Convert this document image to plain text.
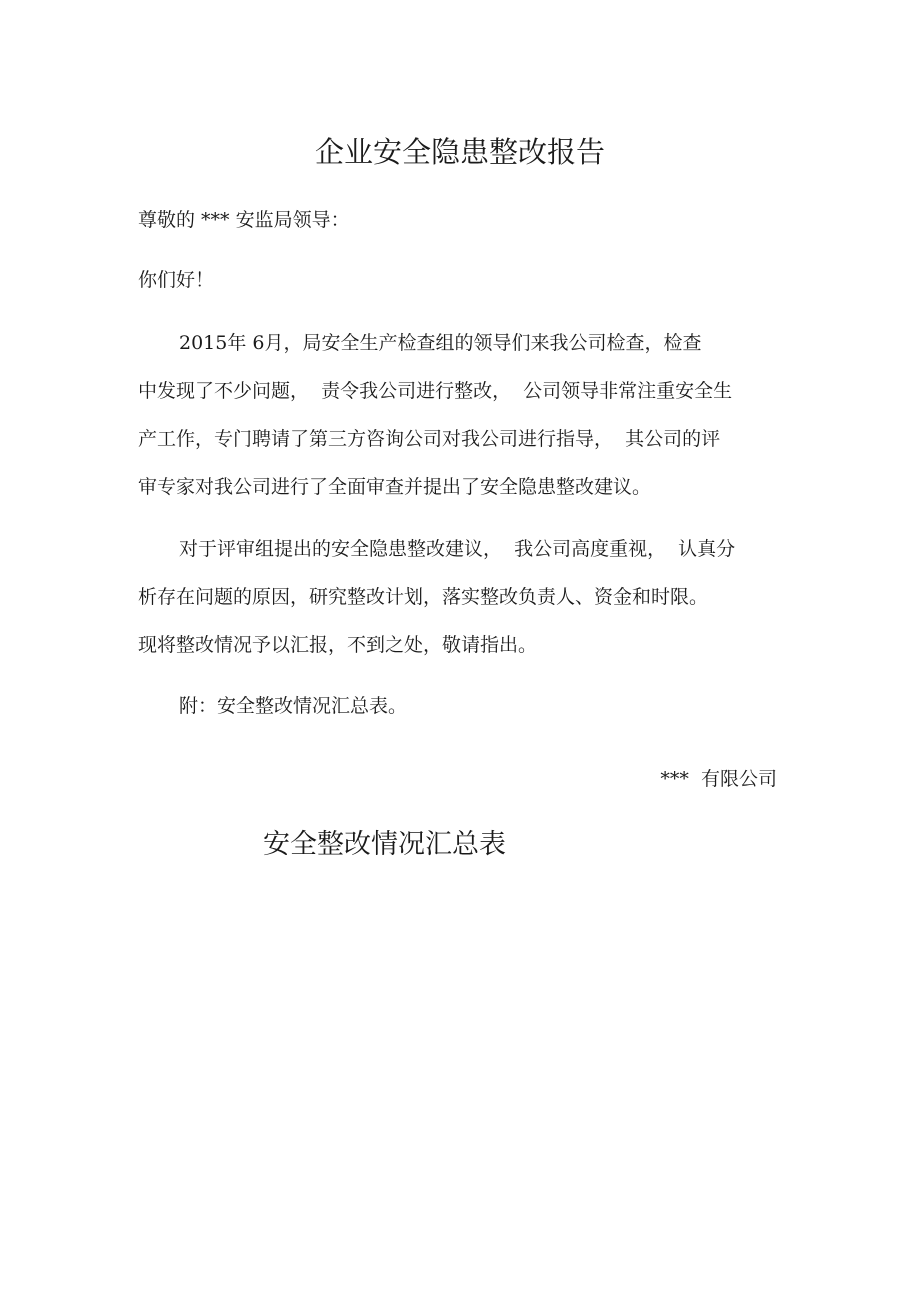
企业安全隐患整改报告

尊敬的 *** 安监局领导：

你们好！

2015年 6月，局安全生产检查组的领导们来我公司检查，检查

中发现了不少问题，  责令我公司进行整改，  公司领导非常注重安全生

产工作，专门聘请了第三方咨询公司对我公司进行指导，  其公司的评

审专家对我公司进行了全面审查并提出了安全隐患整改建议。

对于评审组提出的安全隐患整改建议，  我公司高度重视，  认真分

析存在问题的原因，研究整改计划，落实整改负责人、资金和时限。

现将整改情况予以汇报，不到之处，敬请指出。

附：安全整改情况汇总表。

***  有限公司
安全整改情况汇总表
